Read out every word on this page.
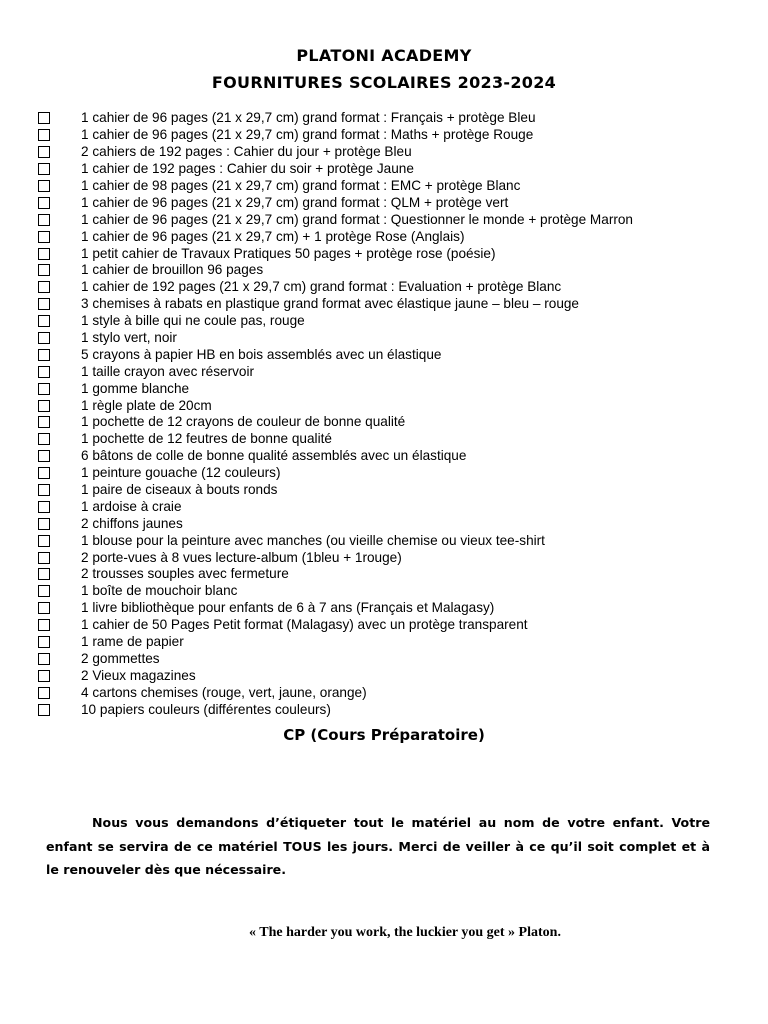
PLATONI ACADEMY
FOURNITURES SCOLAIRES 2023-2024
1 cahier de 96 pages (21 x 29,7 cm) grand format : Français + protège Bleu
1 cahier de 96 pages (21 x 29,7 cm) grand format : Maths + protège Rouge
2 cahiers de 192 pages : Cahier du jour + protège Bleu
1 cahier de 192 pages : Cahier du soir + protège Jaune
1 cahier de 98 pages (21 x 29,7 cm) grand format : EMC + protège Blanc
1 cahier de 96 pages (21 x 29,7 cm) grand format : QLM + protège vert
1 cahier de 96 pages (21 x 29,7 cm) grand format : Questionner le monde + protège Marron
1 cahier de 96 pages (21 x 29,7 cm) + 1 protège Rose (Anglais)
1 petit cahier de Travaux Pratiques 50 pages + protège rose (poésie)
1 cahier de brouillon 96 pages
1 cahier de 192 pages (21 x 29,7 cm) grand format : Evaluation + protège Blanc
3 chemises à rabats en plastique grand format avec élastique jaune – bleu – rouge
1 style à bille qui ne coule pas, rouge
1 stylo vert, noir
5 crayons à papier HB en bois assemblés avec un élastique
1 taille crayon avec réservoir
1 gomme blanche
1 règle plate de 20cm
1 pochette de 12 crayons de couleur de bonne qualité
1 pochette de 12 feutres de bonne qualité
6 bâtons de colle de bonne qualité assemblés avec un élastique
1 peinture gouache (12 couleurs)
1 paire de ciseaux à bouts ronds
1 ardoise à craie
2 chiffons jaunes
1 blouse pour la peinture avec manches (ou vieille chemise ou vieux tee-shirt
2 porte-vues à 8 vues lecture-album (1bleu + 1rouge)
2 trousses souples avec fermeture
1 boîte de mouchoir blanc
1 livre bibliothèque pour enfants de 6 à 7 ans (Français et Malagasy)
1 cahier de 50 Pages Petit format (Malagasy) avec un protège transparent
1 rame de papier
2 gommettes
2 Vieux magazines
4 cartons chemises (rouge, vert, jaune, orange)
10 papiers couleurs (différentes couleurs)
CP (Cours Préparatoire)
Nous vous demandons d’étiqueter tout le matériel au nom de votre enfant. Votre enfant se servira de ce matériel TOUS les jours. Merci de veiller à ce qu’il soit complet et à le renouveler dès que nécessaire.
« The harder you work, the luckier you get » Platon.
